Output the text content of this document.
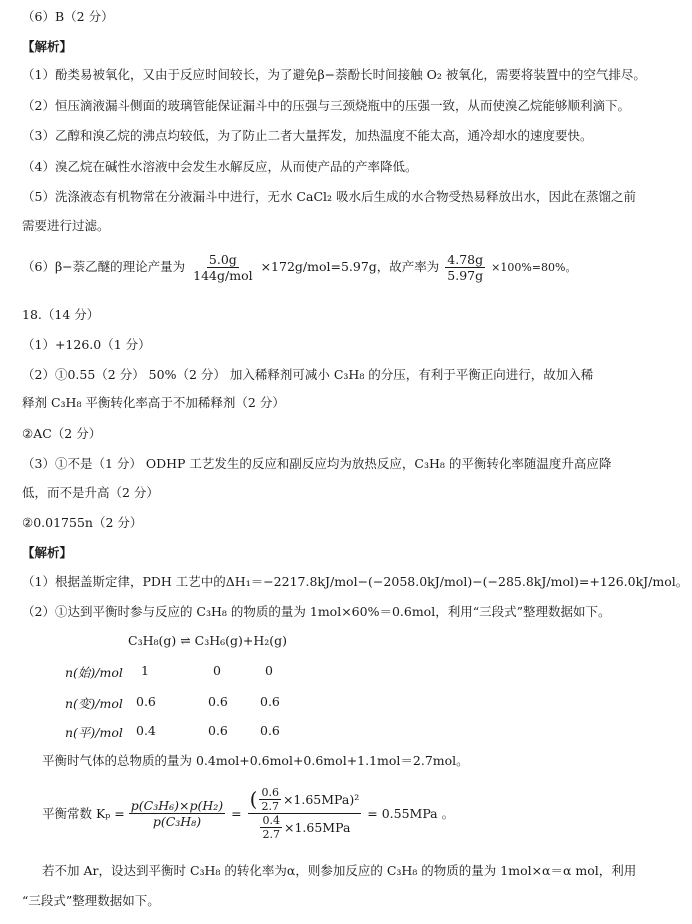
（6）B（2 分）
【解析】
（1）酚类易被氧化，又由于反应时间较长，为了避免β−萘酚长时间接触 O₂ 被氧化，需要将装置中的空气排尽。
（2）恒压滴液漏斗侧面的玻璃管能保证漏斗中的压强与三颈烧瓶中的压强一致，从而使溴乙烷能够顺利滴下。
（3）乙醇和溴乙烷的沸点均较低，为了防止二者大量挥发，加热温度不能太高，通冷却水的速度要快。
（4）溴乙烷在碱性水溶液中会发生水解反应，从而使产品的产率降低。
（5）洗涤液态有机物常在分液漏斗中进行，无水 CaCl₂ 吸水后生成的水合物受热易释放出水，因此在蒸馏之前
需要进行过滤。
（6）β−萘乙醚的理论产量为 $\frac{5.0g}{\text{144g/mol}} \times 172g/mol=5.97g$，故产率为 $\frac{4.78g}{5.97g} \times 100\%=80\%$。
18.（14 分）
（1）+126.0（1 分）
（2）①0.55（2 分） 50%（2 分） 加入稀释剂可减小 C₃H₈ 的分压，有利于平衡正向进行，故加入稀
释剂 C₃H₈ 平衡转化率高于不加稀释剂（2 分）
②AC（2 分）
（3）①不是（1 分） ODHP 工艺发生的反应和副反应均为放热反应，C₃H₈ 的平衡转化率随温度升高应降
低，而不是升高（2 分）
②0.01755n（2 分）
【解析】
（1）根据盖斯定律，PDH 工艺中的ΔH₁＝−2217.8kJ/mol−(−2058.0kJ/mol)−(−285.8kJ/mol)=+126.0kJ/mol。
（2）①达到平衡时参与反应的 C₃H₈ 的物质的量为 1mol×60%＝0.6mol，利用“三段式”整理数据如下。
C₃H₈(g) ⇌ C₃H₆(g)+H₂(g)
n(始)/mol 1	0	0
n(变)/mol 0.6	0.6	0.6
n(平)/mol 0.4	0.6	0.6
平衡时气体的总物质的量为 0.4mol+0.6mol+0.6mol+1.1mol＝2.7mol。
平衡常数 $K_p = \frac{\text{p(C₃H₆)×p(H₂)}}{\text{p(C₃H₈)}}$ =
( $\frac{0.6}{2.7} \times 1.65MPa)^2$
$\frac{0.4}{2.7} \times 1.65MPa$
= 0.55MPa 。
若不加 Ar，设达到平衡时 C₃H₈ 的转化率为α，则参加反应的 C₃H₈ 的物质的量为 1mol×α＝α mol，利用
“三段式”整理数据如下。
